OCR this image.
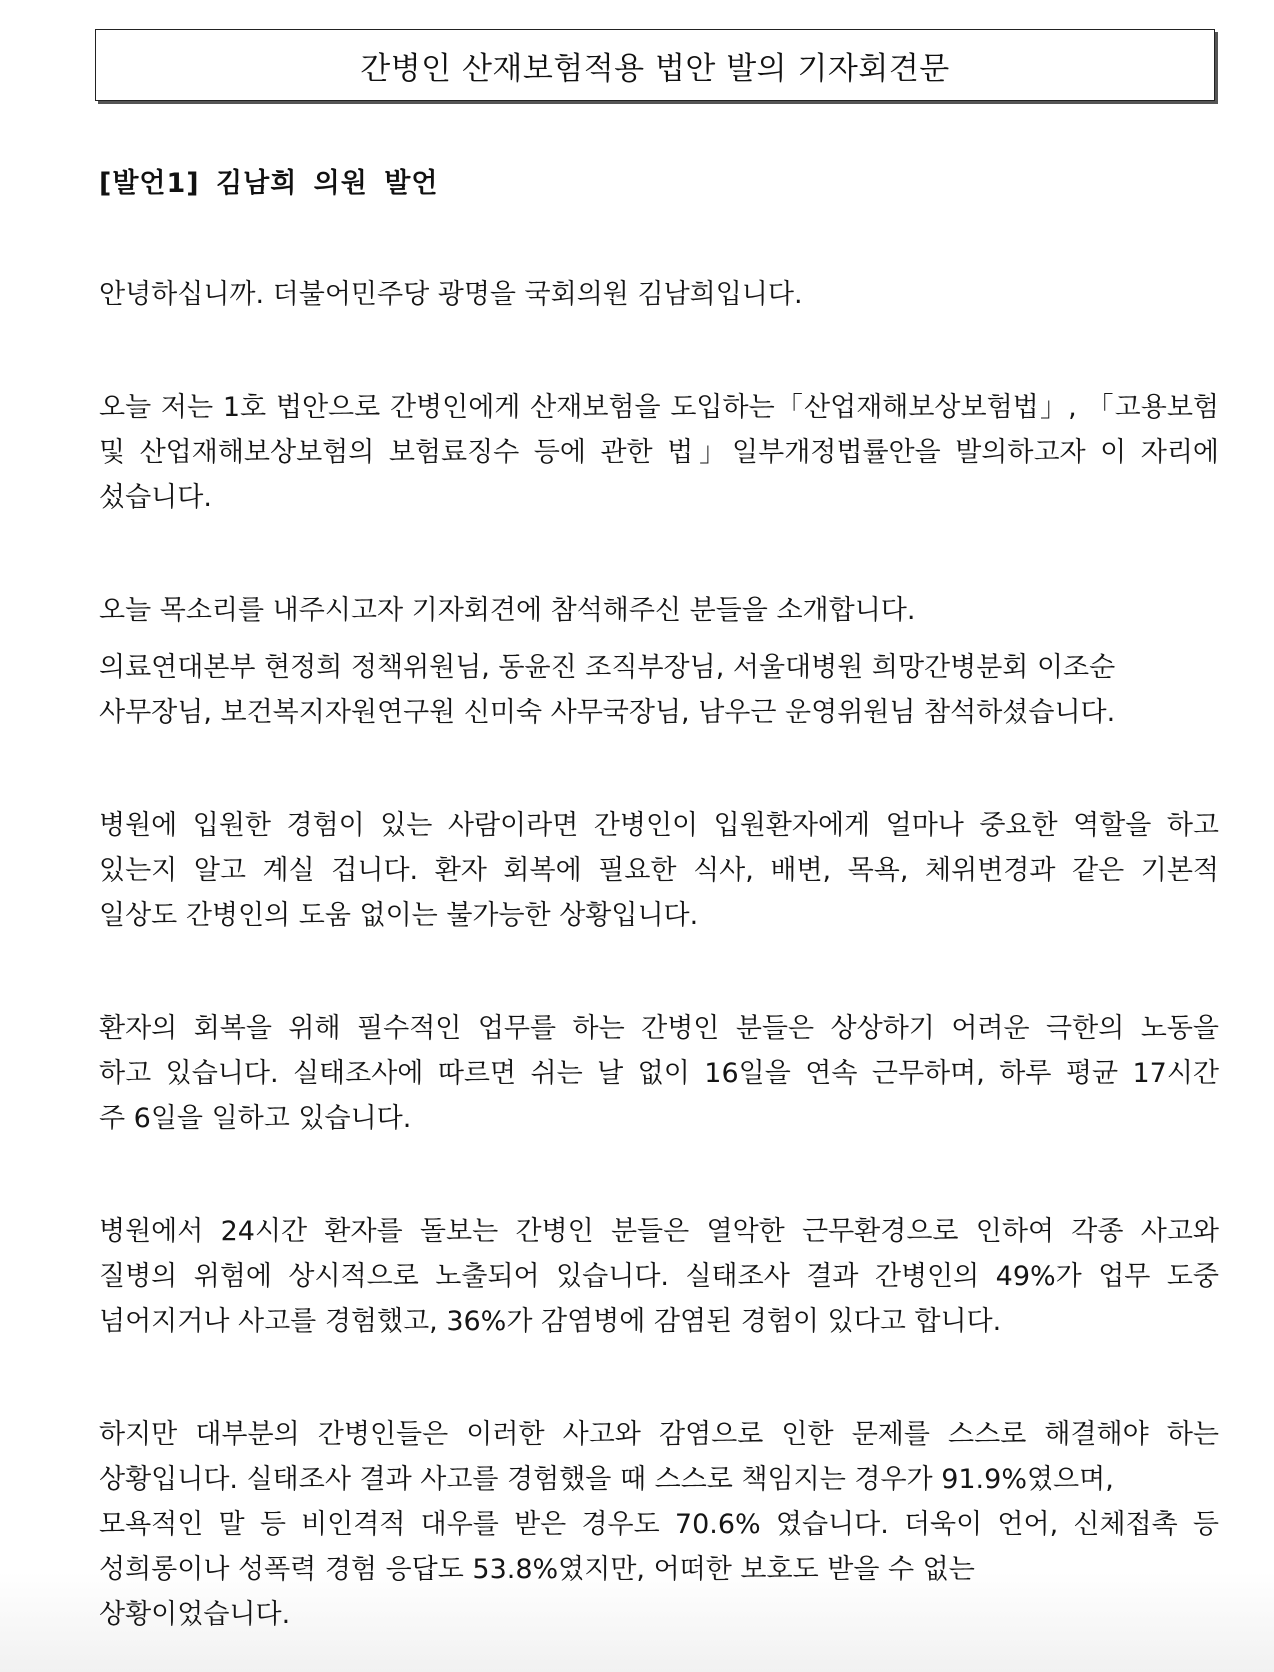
간병인 산재보험적용 법안 발의 기자회견문
[발언1] 김남희 의원 발언
안녕하십니까. 더불어민주당 광명을 국회의원 김남희입니다.
오늘 저는 1호 법안으로 간병인에게 산재보험을 도입하는「산업재해보상보험법」, 「고용보험
및 산업재해보상보험의 보험료징수 등에 관한 법」일부개정법률안을 발의하고자 이 자리에
섰습니다.
오늘 목소리를 내주시고자 기자회견에 참석해주신 분들을 소개합니다.
의료연대본부 현정희 정책위원님, 동윤진 조직부장님, 서울대병원 희망간병분회 이조순
사무장님, 보건복지자원연구원 신미숙 사무국장님, 남우근 운영위원님 참석하셨습니다.
병원에 입원한 경험이 있는 사람이라면 간병인이 입원환자에게 얼마나 중요한 역할을 하고
있는지 알고 계실 겁니다. 환자 회복에 필요한 식사, 배변, 목욕, 체위변경과 같은 기본적
일상도 간병인의 도움 없이는 불가능한 상황입니다.
환자의 회복을 위해 필수적인 업무를 하는 간병인 분들은 상상하기 어려운 극한의 노동을
하고 있습니다. 실태조사에 따르면 쉬는 날 없이 16일을 연속 근무하며, 하루 평균 17시간
주 6일을 일하고 있습니다.
병원에서 24시간 환자를 돌보는 간병인 분들은 열악한 근무환경으로 인하여 각종 사고와
질병의 위험에 상시적으로 노출되어 있습니다. 실태조사 결과 간병인의 49%가 업무 도중
넘어지거나 사고를 경험했고, 36%가 감염병에 감염된 경험이 있다고 합니다.
하지만 대부분의 간병인들은 이러한 사고와 감염으로 인한 문제를 스스로 해결해야 하는
상황입니다. 실태조사 결과 사고를 경험했을 때 스스로 책임지는 경우가 91.9%였으며,
모욕적인 말 등 비인격적 대우를 받은 경우도 70.6% 였습니다. 더욱이 언어, 신체접촉 등
성희롱이나 성폭력 경험 응답도 53.8%였지만, 어떠한 보호도 받을 수 없는
상황이었습니다.
